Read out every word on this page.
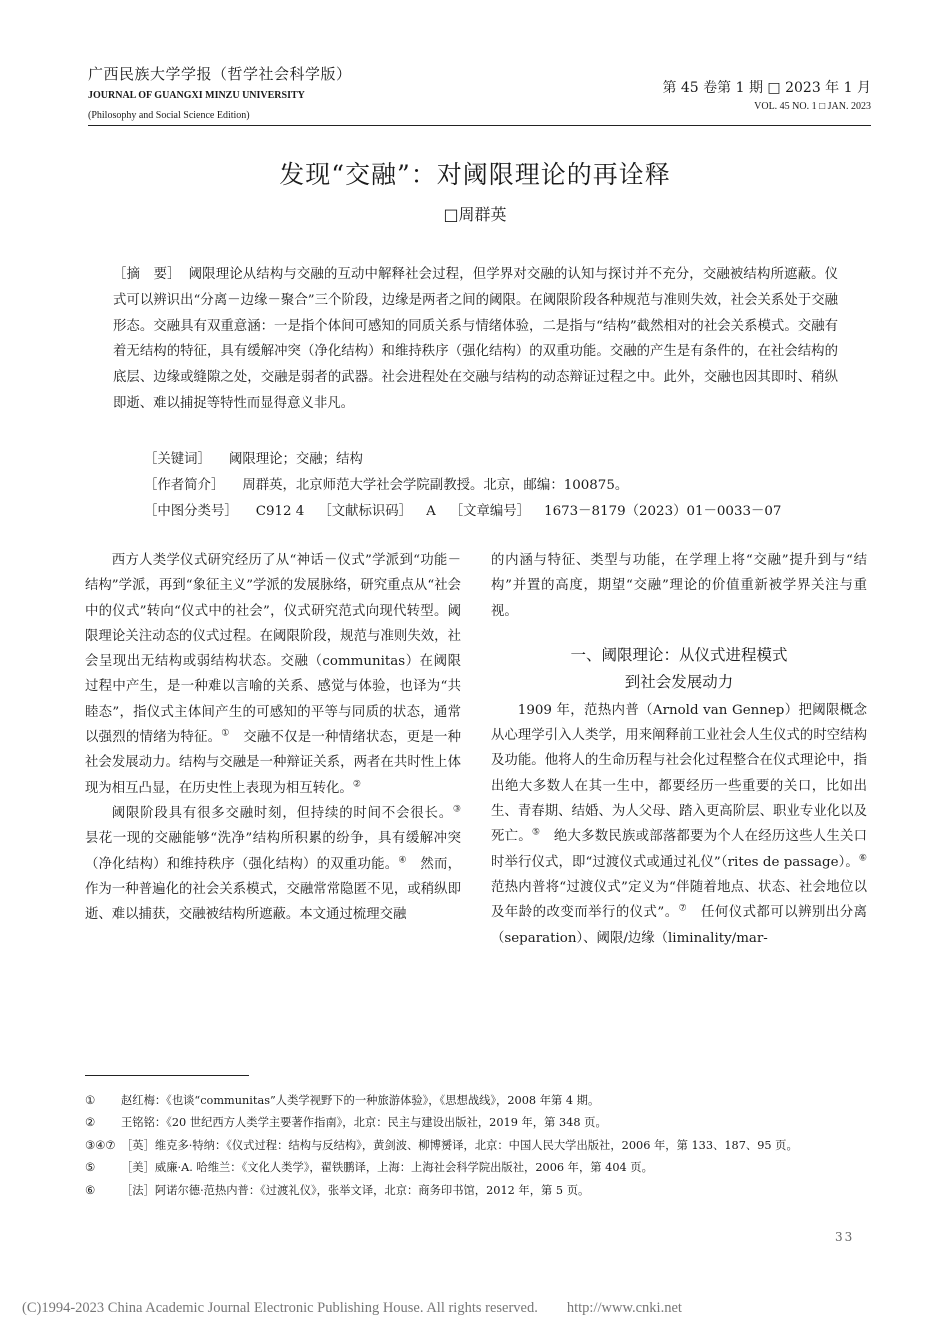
广西民族大学学报（哲学社会科学版）
JOURNAL OF GUANGXI MINZU UNIVERSITY
(Philosophy and Social Science Edition)
第 45 卷第 1 期 □ 2023 年 1 月
VOL. 45 NO. 1 □ JAN. 2023
发现“交融”：对阈限理论的再诠释
□周群英
［摘　要］ 阈限理论从结构与交融的互动中解释社会过程，但学界对交融的认知与探讨并不充分，交融被结构所遮蔽。仪式可以辨识出“分离－边缘－聚合”三个阶段，边缘是两者之间的阈限。在阈限阶段各种规范与准则失效，社会关系处于交融形态。交融具有双重意涵：一是指个体间可感知的同质关系与情绪体验，二是指与“结构”截然相对的社会关系模式。交融有着无结构的特征，具有缓解冲突（净化结构）和维持秩序（强化结构）的双重功能。交融的产生是有条件的，在社会结构的底层、边缘或缝隙之处，交融是弱者的武器。社会进程处在交融与结构的动态辩证过程之中。此外，交融也因其即时、稍纵即逝、难以捕捉等特性而显得意义非凡。
［关键词］ 阈限理论；交融；结构
［作者简介］ 周群英，北京师范大学社会学院副教授。北京，邮编：100875。
［中图分类号］ C912 4 ［文献标识码］ A ［文章编号］ 1673－8179（2023）01－0033－07

西方人类学仪式研究经历了从“神话－仪式”学派到“功能－结构”学派，再到“象征主义”学派的发展脉络，研究重点从“社会中的仪式”转向“仪式中的社会”，仪式研究范式向现代转型。阈限理论关注动态的仪式过程。在阈限阶段，规范与准则失效，社会呈现出无结构或弱结构状态。交融（communitas）在阈限过程中产生，是一种难以言喻的关系、感觉与体验，也译为“共睦态”，指仪式主体间产生的可感知的平等与同质的状态，通常以强烈的情绪为特征。①　 交融不仅是一种情绪状态，更是一种社会发展动力。结构与交融是一种辩证关系，两者在共时性上体现为相互凸显，在历史性上表现为相互转化。②

阈限阶段具有很多交融时刻，但持续的时间不会很长。③　昙花一现的交融能够“洗净”结构所积累的纷争，具有缓解冲突（净化结构）和维持秩序（强化结构）的双重功能。④　 然而，作为一种普遍化的社会关系模式，交融常常隐匿不见，或稍纵即逝、难以捕获，交融被结构所遮蔽。本文通过梳理交融

的内涵与特征、类型与功能，在学理上将“交融”提升到与“结构”并置的高度，期望“交融”理论的价值重新被学界关注与重视。

一、阈限理论：从仪式进程模式
到社会发展动力

1909 年，范热内普（Arnold van Gennep）把阈限概念从心理学引入人类学，用来阐释前工业社会人生仪式的时空结构及功能。他将人的生命历程与社会化过程整合在仪式理论中，指出绝大多数人在其一生中，都要经历一些重要的关口，比如出生、青春期、结婚、为人父母、踏入更高阶层、职业专业化以及死亡。⑤　 绝大多数民族或部落都要为个人在经历这些人生关口时举行仪式，即“过渡仪式或通过礼仪”（rites de passage）。⑥　范热内普将“过渡仪式”定义为“伴随着地点、状态、社会地位以及年龄的改变而举行的仪式”。⑦　 任何仪式都可以辨别出分离（separation）、阈限/边缘（liminality/mar-

①	赵红梅：《也谈“communitas”人类学视野下的一种旅游体验》，《思想战线》，2008 年第 4 期。
②	王铭铭：《20 世纪西方人类学主要著作指南》，北京：民主与建设出版社，2019 年，第 348 页。
③④⑦ ［英］维克多·特纳：《仪式过程：结构与反结构》，黄剑波、柳博赟译，北京：中国人民大学出版社，2006 年，第 133、187、95 页。
⑤	［美］威廉·A. 哈维兰：《文化人类学》，翟铁鹏译，上海：上海社会科学院出版社，2006 年，第 404 页。
⑥	［法］阿诺尔德·范热内普：《过渡礼仪》，张举文译，北京：商务印书馆，2012 年，第 5 页。
33
(C)1994-2023 China Academic Journal Electronic Publishing House. All rights reserved.　　http://www.cnki.net
